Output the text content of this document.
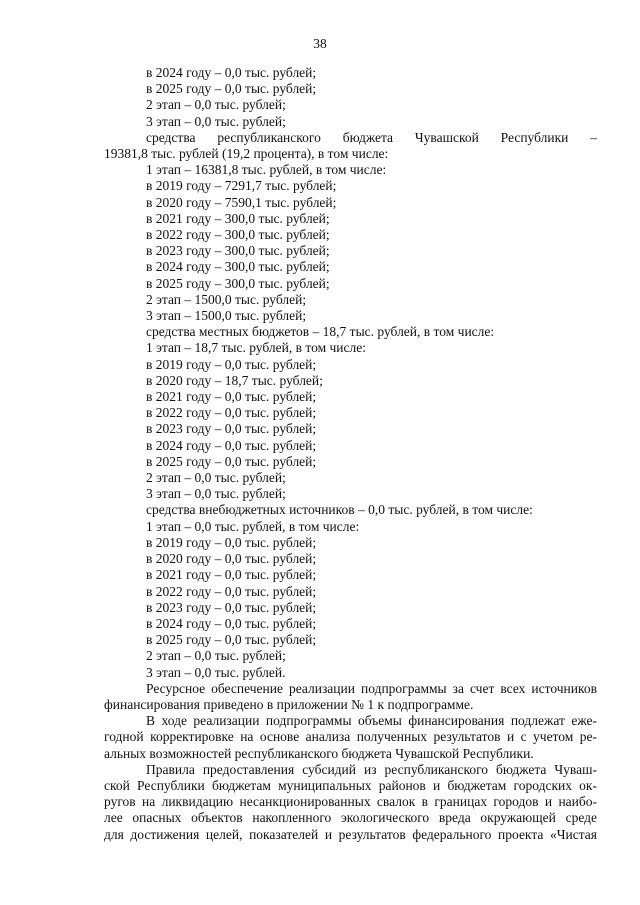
38
в 2024 году – 0,0 тыс. рублей;
в 2025 году – 0,0 тыс. рублей;
2 этап – 0,0 тыс. рублей;
3 этап – 0,0 тыс. рублей;
средства республиканского бюджета Чувашской Республики –
19381,8 тыс. рублей (19,2 процента), в том числе:
1 этап – 16381,8 тыс. рублей, в том числе:
в 2019 году – 7291,7 тыс. рублей;
в 2020 году – 7590,1 тыс. рублей;
в 2021 году – 300,0 тыс. рублей;
в 2022 году – 300,0 тыс. рублей;
в 2023 году – 300,0 тыс. рублей;
в 2024 году – 300,0 тыс. рублей;
в 2025 году – 300,0 тыс. рублей;
2 этап – 1500,0 тыс. рублей;
3 этап – 1500,0 тыс. рублей;
средства местных бюджетов – 18,7 тыс. рублей, в том числе:
1 этап – 18,7 тыс. рублей, в том числе:
в 2019 году – 0,0 тыс. рублей;
в 2020 году – 18,7 тыс. рублей;
в 2021 году – 0,0 тыс. рублей;
в 2022 году – 0,0 тыс. рублей;
в 2023 году – 0,0 тыс. рублей;
в 2024 году – 0,0 тыс. рублей;
в 2025 году – 0,0 тыс. рублей;
2 этап – 0,0 тыс. рублей;
3 этап – 0,0 тыс. рублей;
средства внебюджетных источников – 0,0 тыс. рублей, в том числе:
1 этап – 0,0 тыс. рублей, в том числе:
в 2019 году – 0,0 тыс. рублей;
в 2020 году – 0,0 тыс. рублей;
в 2021 году – 0,0 тыс. рублей;
в 2022 году – 0,0 тыс. рублей;
в 2023 году – 0,0 тыс. рублей;
в 2024 году – 0,0 тыс. рублей;
в 2025 году – 0,0 тыс. рублей;
2 этап – 0,0 тыс. рублей;
3 этап – 0,0 тыс. рублей.
Ресурсное обеспечение реализации подпрограммы за счет всех источников
финансирования приведено в приложении № 1 к подпрограмме.
В ходе реализации подпрограммы объемы финансирования подлежат еже-
годной корректировке на основе анализа полученных результатов и с учетом ре-
альных возможностей республиканского бюджета Чувашской Республики.
Правила предоставления субсидий из республиканского бюджета Чуваш-
ской Республики бюджетам муниципальных районов и бюджетам городских ок-
ругов на ликвидацию несанкционированных свалок в границах городов и наибо-
лее опасных объектов накопленного экологического вреда окружающей среде
для достижения целей, показателей и результатов федерального проекта «Чистая
